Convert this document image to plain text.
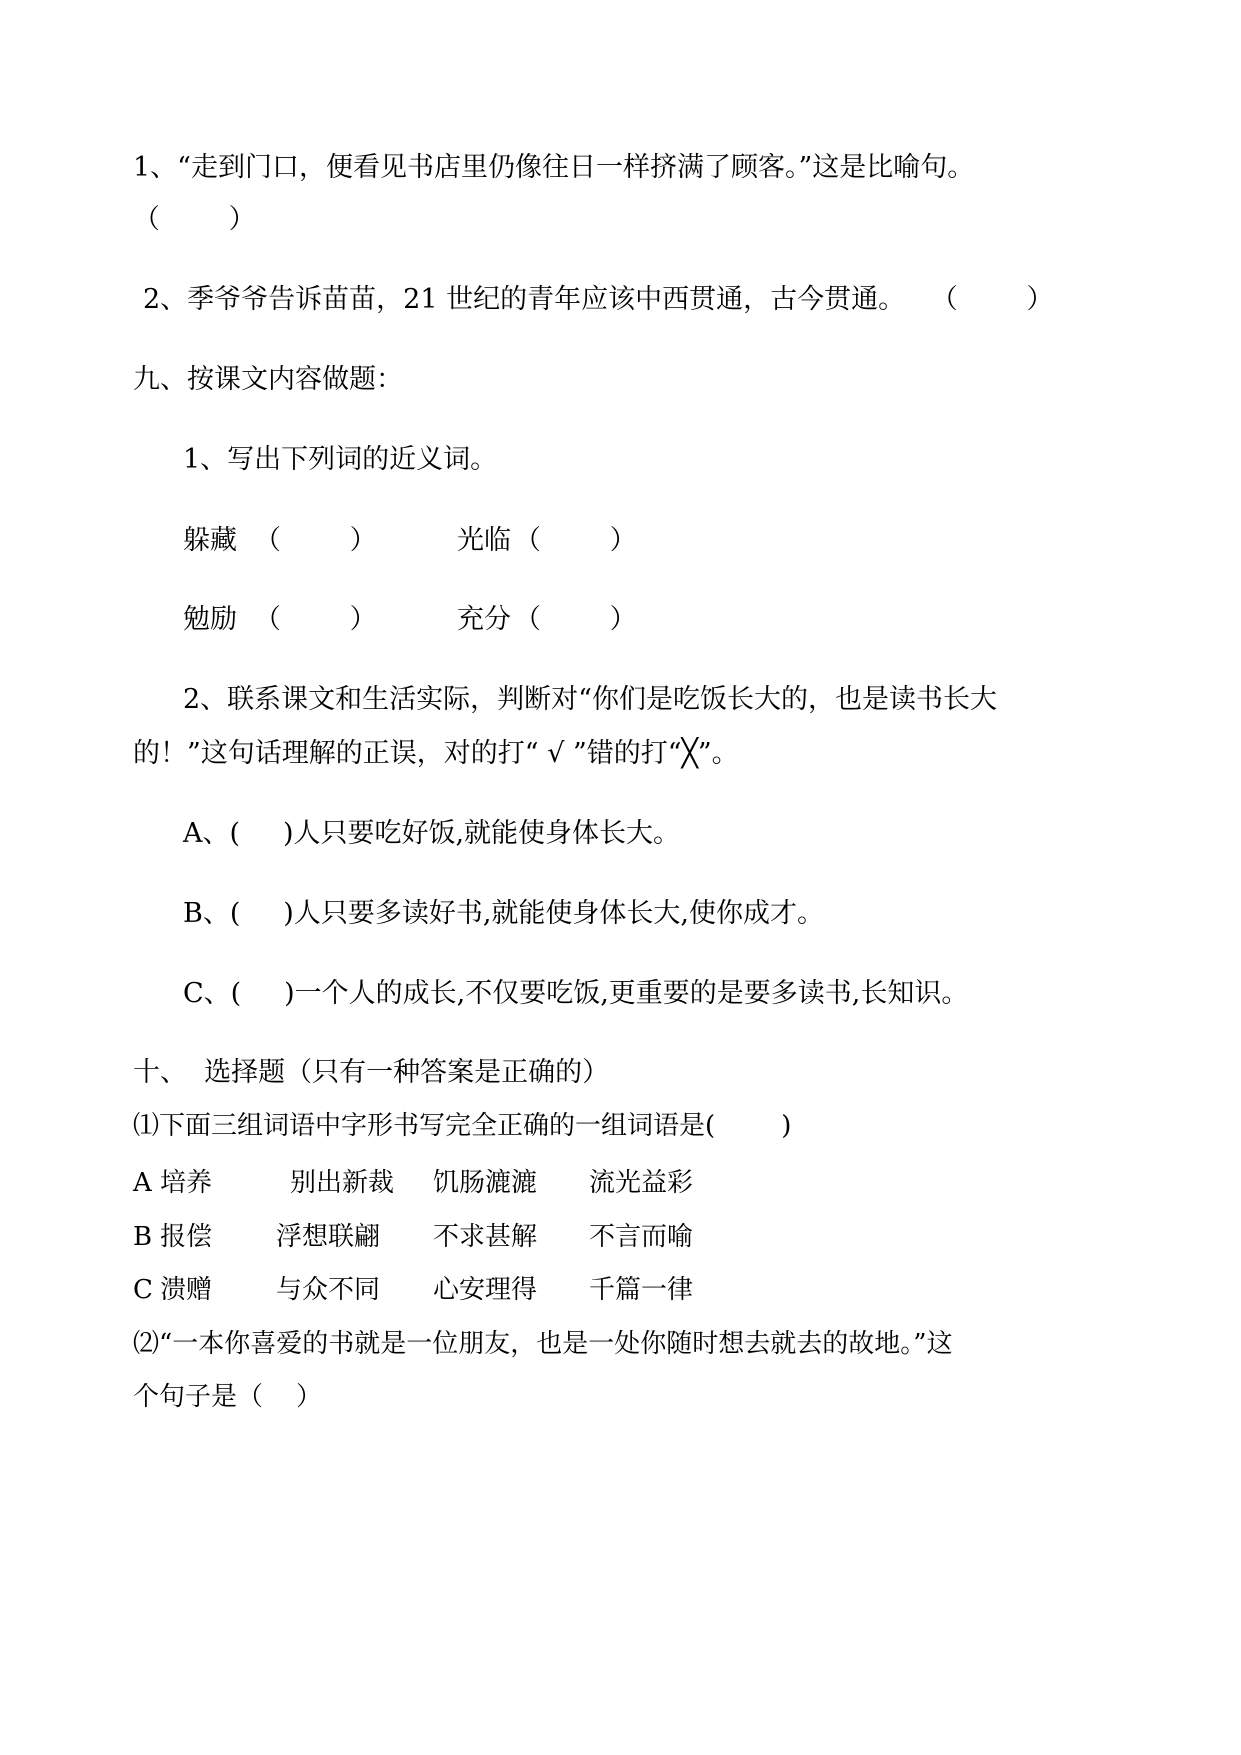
1、“走到门口，便看见书店里仍像往日一样挤满了顾客。”这是比喻句。
（        ）
2、季爷爷告诉苗苗，21 世纪的青年应该中西贯通，古今贯通。   （        ）
九、按课文内容做题：
1、写出下列词的近义词。
躲藏 （        ）	光临 （        ）
勉励 （        ）	充分 （        ）
2、联系课文和生活实际，判断对“你们是吃饭长大的，也是读书长大
的！”这句话理解的正误，对的打“ √ ”错的打“╳”。
A、(     )人只要吃好饭,就能使身体长大。
B、(     )人只要多读好书,就能使身体长大,使你成才。
C、(     )一个人的成长,不仅要吃饭,更重要的是要多读书,长知识。
十、  选择题（只有一种答案是正确的）
⑴下面三组词语中字形书写完全正确的一组词语是(        )
A 培养	别出新裁 饥肠漉漉 流光益彩
B 报偿 浮想联翩 不求甚解 不言而喻
C 溃赠 与众不同 心安理得 千篇一律
⑵“一本你喜爱的书就是一位朋友，也是一处你随时想去就去的故地。”这
个句子是（    ）
